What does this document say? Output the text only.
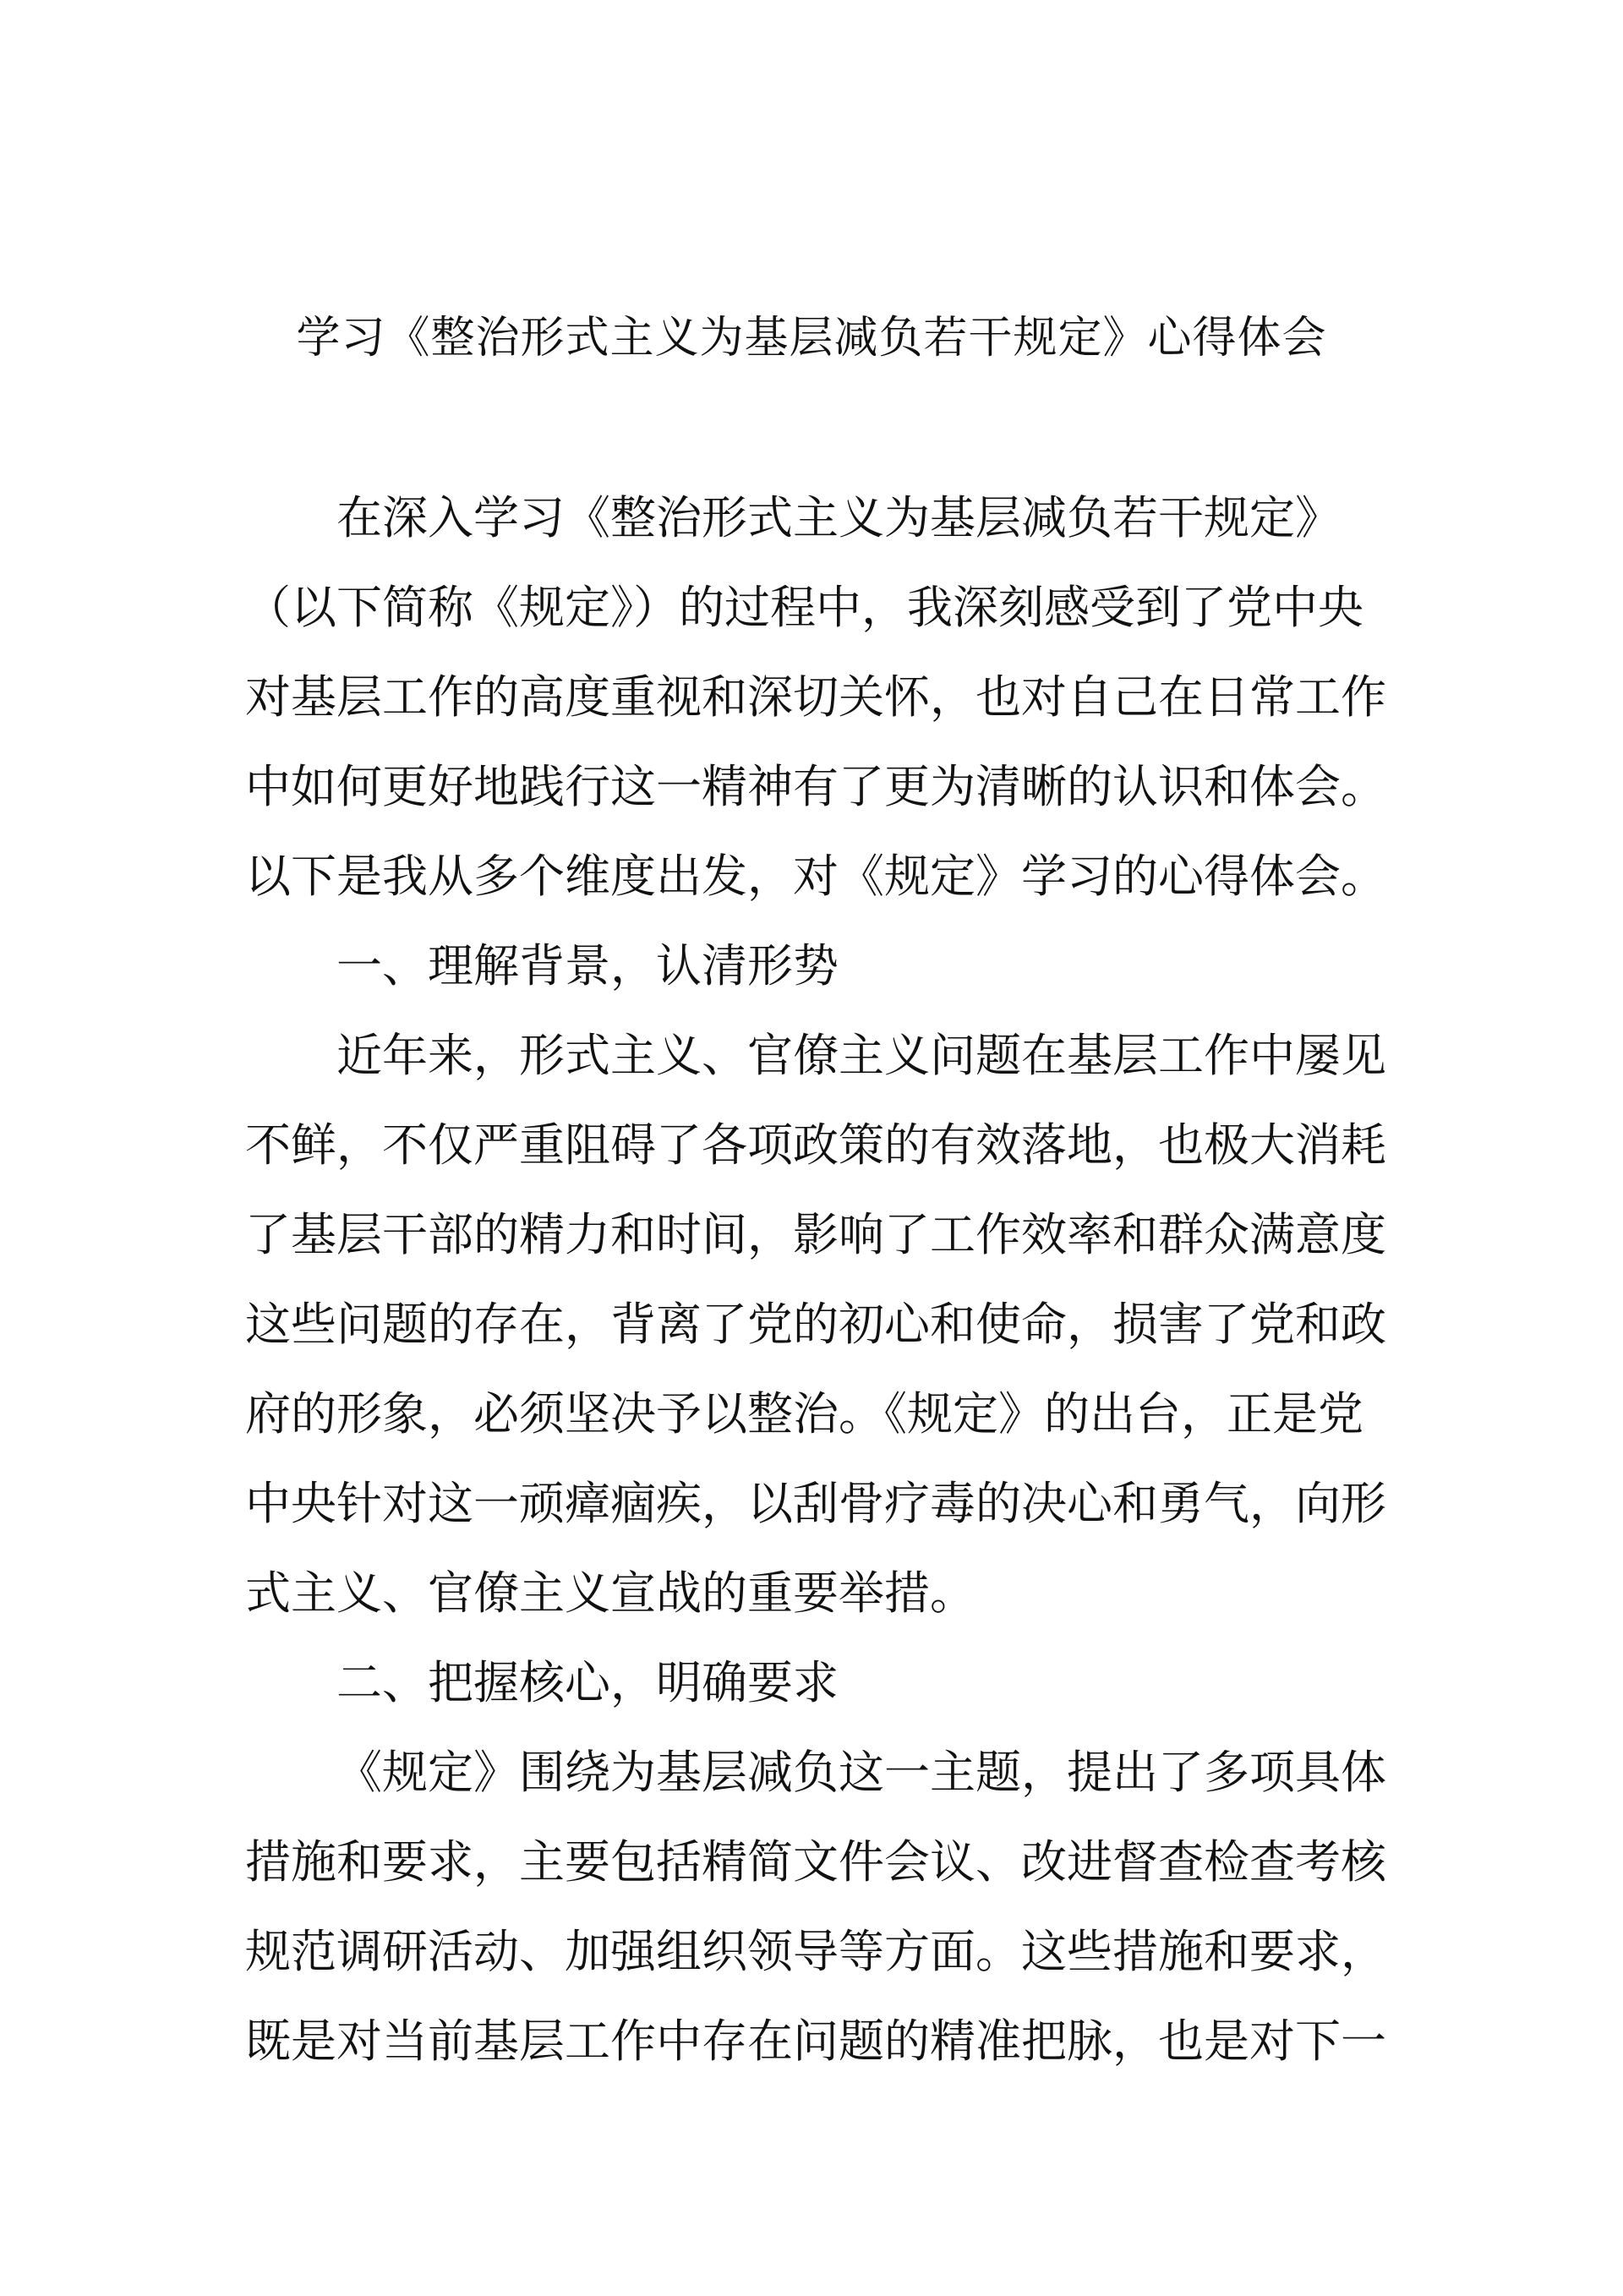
学习《整治形式主义为基层减负若干规定》心得体会
在深入学习《整治形式主义为基层减负若干规定》
（以下简称《规定》）的过程中，我深刻感受到了党中央
对基层工作的高度重视和深切关怀，也对自己在日常工作
中如何更好地践行这一精神有了更为清晰的认识和体会。
以下是我从多个维度出发，对《规定》学习的心得体会。
一、理解背景，认清形势
近年来，形式主义、官僚主义问题在基层工作中屡见
不鲜，不仅严重阻碍了各项政策的有效落地，也极大消耗
了基层干部的精力和时间，影响了工作效率和群众满意度
这些问题的存在，背离了党的初心和使命，损害了党和政
府的形象，必须坚决予以整治。《规定》的出台，正是党
中央针对这一顽瘴痼疾，以刮骨疗毒的决心和勇气，向形
式主义、官僚主义宣战的重要举措。
二、把握核心，明确要求
《规定》围绕为基层减负这一主题，提出了多项具体
措施和要求，主要包括精简文件会议、改进督查检查考核
规范调研活动、加强组织领导等方面。这些措施和要求，
既是对当前基层工作中存在问题的精准把脉，也是对下一
